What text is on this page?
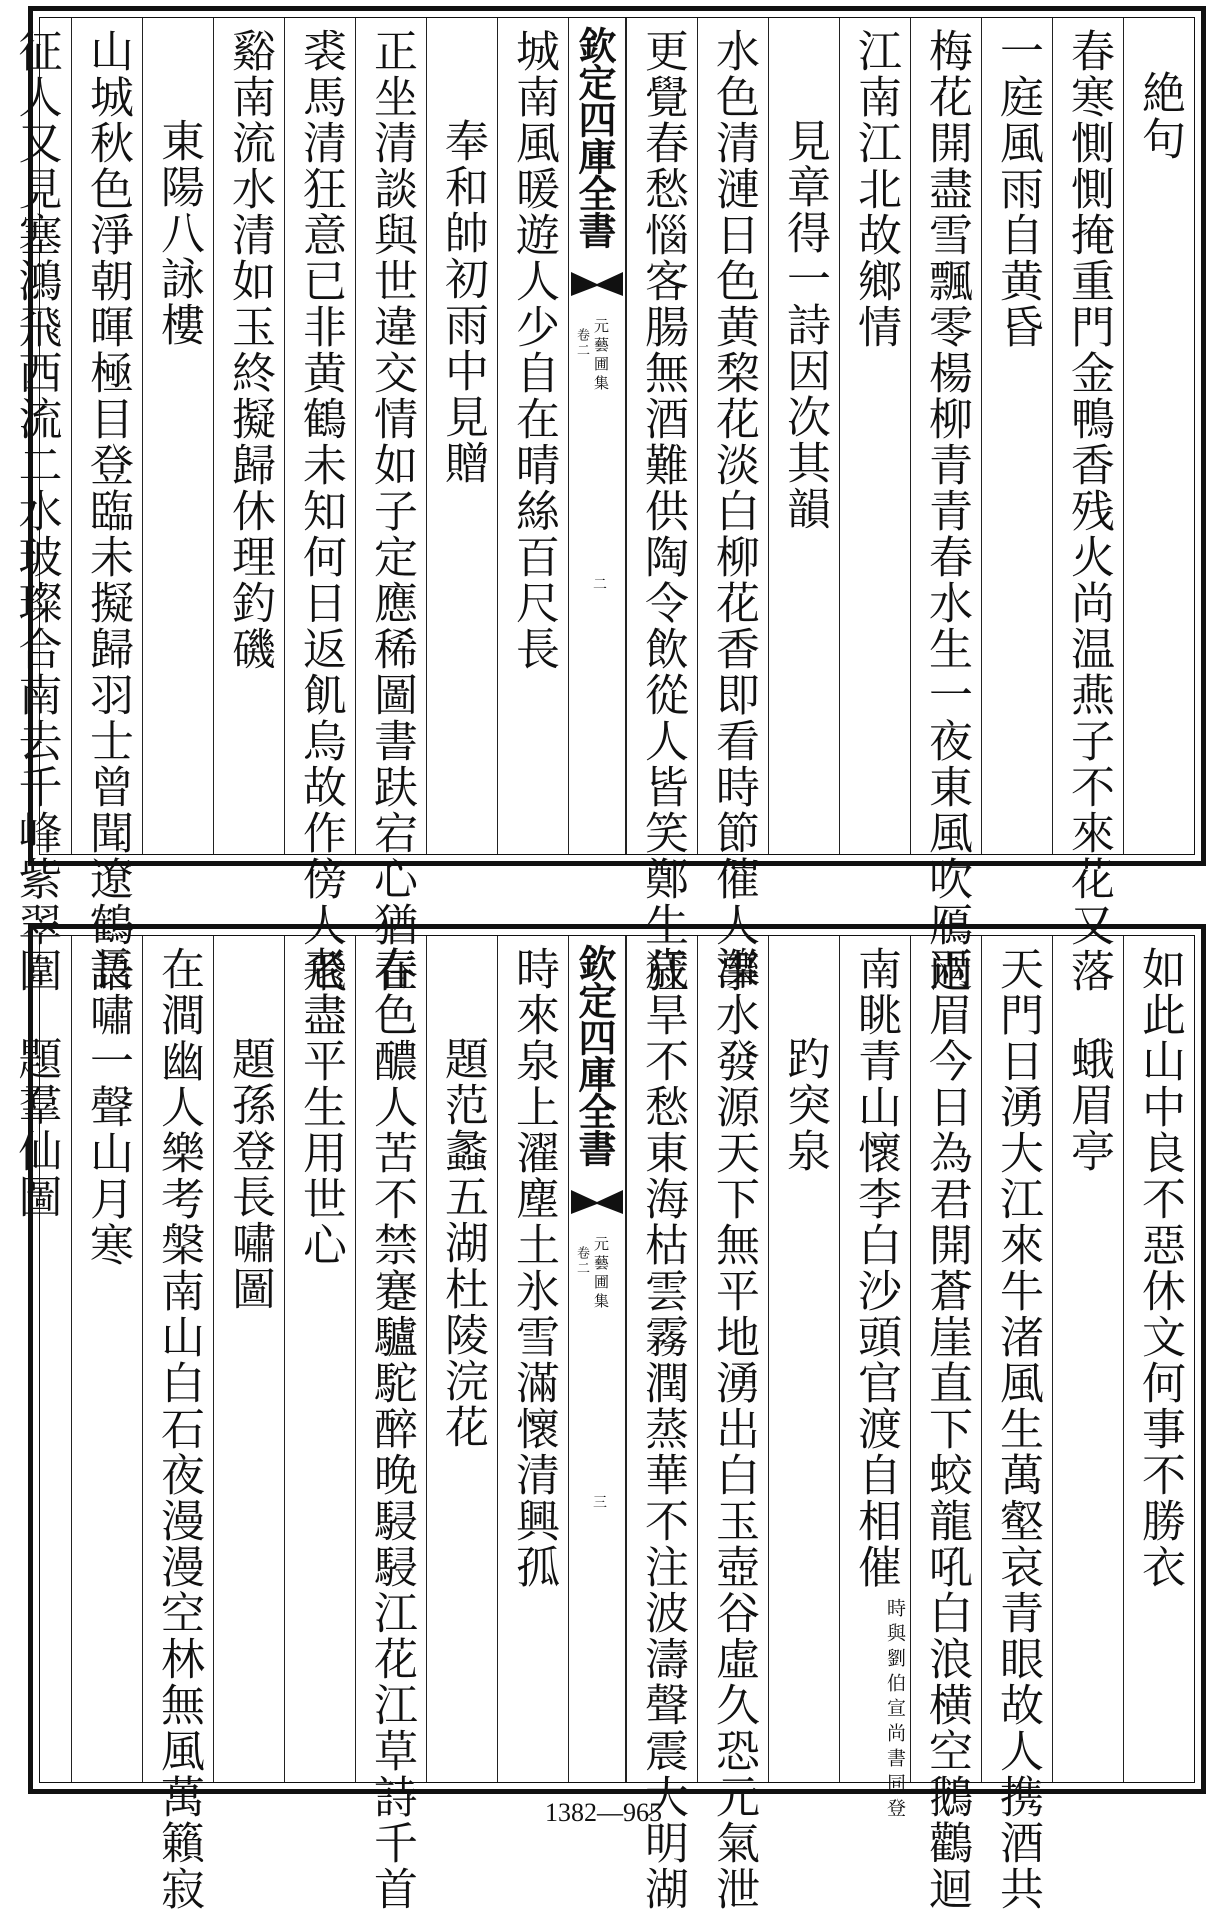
絶句
春寒惻惻掩重門金鴨香残火尚温燕子不來花又落
一庭風雨自黄昏
梅花開盡雪飄零楊柳青青春水生一夜東風吹鴈過
江南江北故鄉情
見章得一詩因次其韻
水色清漣日色黄棃花淡白柳花香即看時節催人事
更覺春愁惱客腸無酒難供陶令飲從人皆笑鄭生狂
欽定四庫全書
元藝圃集
卷二
二
城南風暖遊人少自在晴絲百尺長
奉和帥初雨中見贈
正坐清談與世違交情如子定應稀圖書趺宕心猶在
裘馬清狂意已非黄鶴未知何日返飢烏故作傍人飛
谿南流水清如玉終擬歸休理釣磯
東陽八詠樓
山城秋色淨朝暉極目登臨未擬歸羽士曾聞遼鶴語
征人又見塞鴻飛西流二水玻璨合南去千峰紫翠圍
如此山中良不惡休文何事不勝衣
蛾眉亭
天門日湧大江來牛渚風生萬壑哀青眼故人携酒共
兩眉今日為君開蒼崖直下蛟龍吼白浪横空鵝鸛迴
南眺青山懷李白沙頭官渡自相催
時與劉伯宣尚書同登
趵突泉
濼水發源天下無平地湧出白玉壺谷虛久恐元氣泄
歳旱不愁東海枯雲霧潤蒸華不注波濤聲震大明湖
欽定四庫全書
元藝圃集
卷二
三
時來泉上濯塵土氷雪滿懷清興孤
題范蠡五湖杜陵浣花
春色醲人苦不禁蹇驢駝醉晚駸駸江花江草詩千首
老盡平生用世心
題孫登長嘯圖
在澗幽人樂考槃南山白石夜漫漫空林無風萬籟寂
長嘯一聲山月寒
題羣仙圖
1382—965
